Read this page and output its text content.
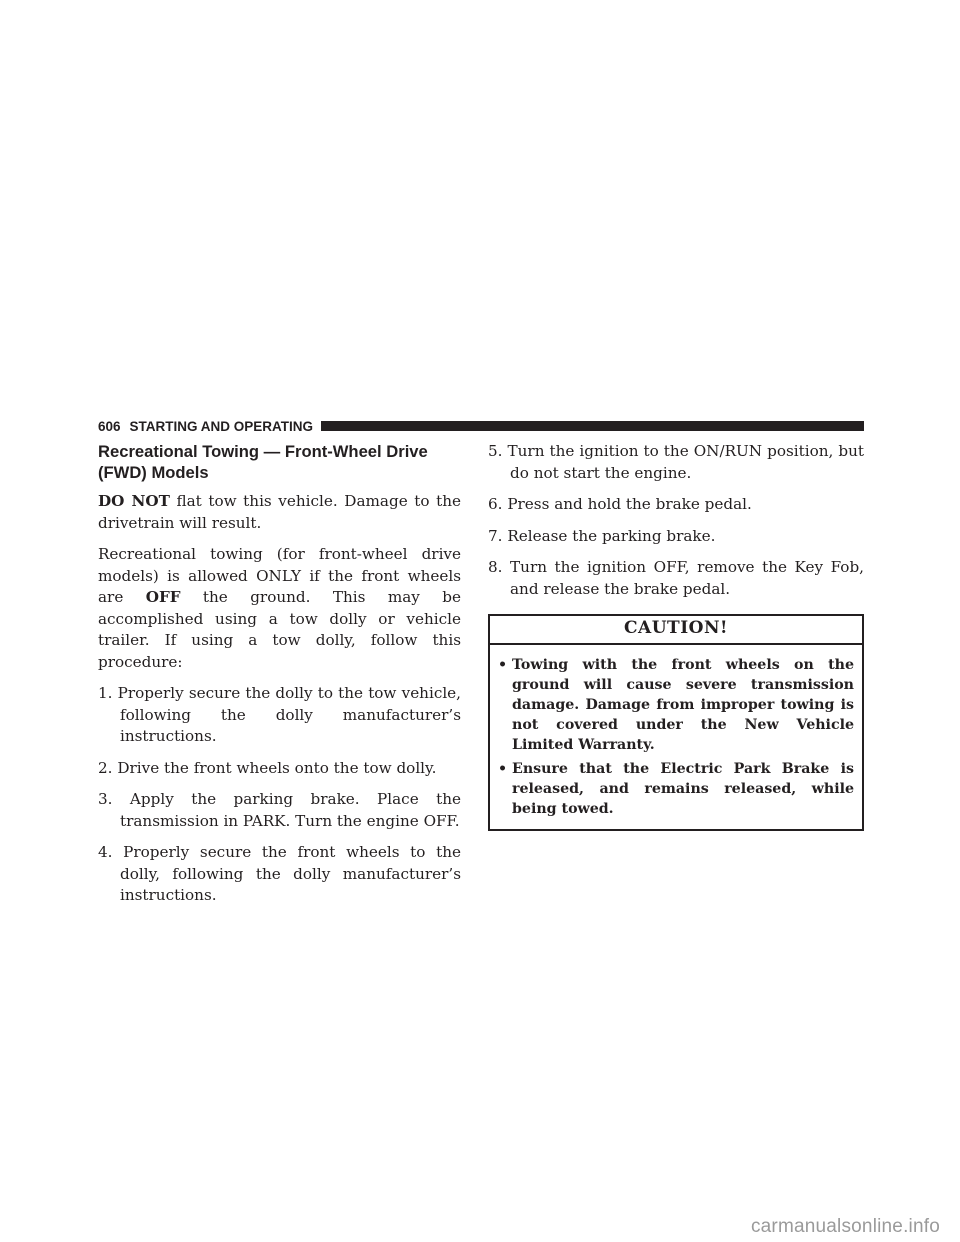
606 STARTING AND OPERATING
Recreational Towing — Front-Wheel Drive (FWD) Models

DO NOT flat tow this vehicle. Damage to the drivetrain will result.

Recreational towing (for front-wheel drive models) is allowed ONLY if the front wheels are OFF the ground. This may be accomplished using a tow dolly or vehicle trailer. If using a tow dolly, follow this procedure:

1. Properly secure the dolly to the tow vehicle, following the dolly manufacturer’s instructions.
2. Drive the front wheels onto the tow dolly.
3. Apply the parking brake. Place the transmission in PARK. Turn the engine OFF.
4. Properly secure the front wheels to the dolly, following the dolly manufacturer’s instructions.
5. Turn the ignition to the ON/RUN position, but do not start the engine.
6. Press and hold the brake pedal.
7. Release the parking brake.
8. Turn the ignition OFF, remove the Key Fob, and release the brake pedal.
CAUTION!
• Towing with the front wheels on the ground will cause severe transmission damage. Damage from improper towing is not covered under the New Vehicle Limited Warranty.
• Ensure that the Electric Park Brake is released, and remains released, while being towed.
carmanualsonline.info
